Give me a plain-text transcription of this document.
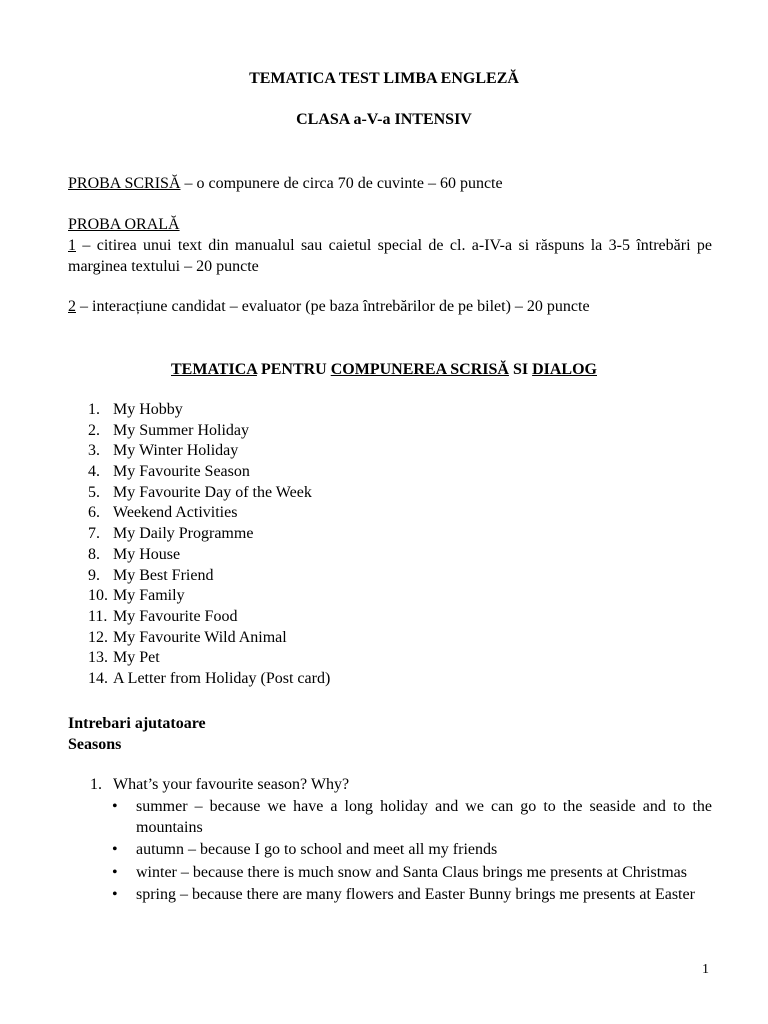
TEMATICA TEST LIMBA ENGLEZĂ
CLASA a-V-a INTENSIV
PROBA SCRISĂ – o compunere de circa 70 de cuvinte – 60 puncte
PROBA ORALĂ
1 – citirea unui text din manualul sau caietul special de cl. a-IV-a si răspuns la 3-5 întrebări pe marginea textului – 20 puncte
2 – interacțiune candidat – evaluator (pe baza întrebărilor de pe bilet) – 20 puncte
TEMATICA PENTRU COMPUNEREA SCRISĂ SI DIALOG
1. My Hobby
2. My Summer Holiday
3. My Winter Holiday
4. My Favourite Season
5. My Favourite Day of the Week
6. Weekend Activities
7. My Daily Programme
8. My House
9. My Best Friend
10. My Family
11. My Favourite Food
12. My Favourite Wild Animal
13. My Pet
14. A Letter from Holiday (Post card)
Intrebari ajutatoare
Seasons
1. What’s your favourite season? Why?
• summer – because we have a long holiday and we can go to the seaside and to the mountains
• autumn – because I go to school and meet all my friends
• winter – because there is much snow and Santa Claus brings me presents at Christmas
• spring – because there are many flowers and Easter Bunny brings me presents at Easter
1
